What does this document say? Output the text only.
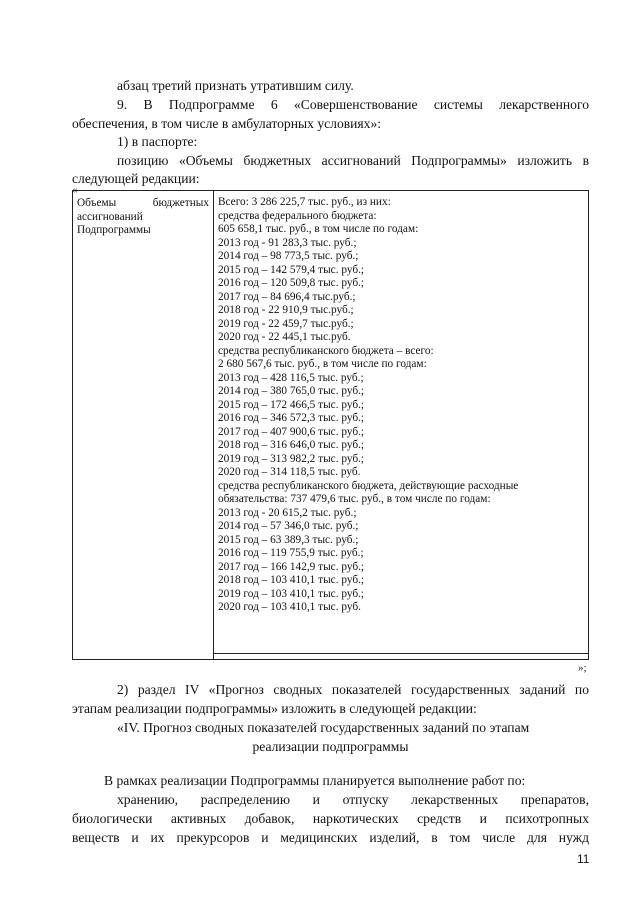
абзац третий признать утратившим силу.
9. В Подпрограмме 6 «Совершенствование системы лекарственного
обеспечения, в том числе в амбулаторных условиях»:
1) в паспорте:
позицию «Объемы бюджетных ассигнований Подпрограммы» изложить в
следующей редакции:
«
Объемы бюджетных
ассигнований
Подпрограммы
Всего: 3 286 225,7 тыс. руб., из них:
средства федерального бюджета:
605 658,1 тыс. руб., в том числе по годам:
2013 год - 91 283,3 тыс. руб.;
2014 год – 98 773,5 тыс. руб.;
2015 год – 142 579,4 тыс. руб.;
2016 год – 120 509,8 тыс. руб.;
2017 год – 84 696,4 тыс.руб.;
2018 год - 22 910,9 тыс.руб.;
2019 год - 22 459,7 тыс.руб.;
2020 год - 22 445,1 тыс.руб.
средства республиканского бюджета – всего:
2 680 567,6 тыс. руб., в том числе по годам:
2013 год – 428 116,5 тыс. руб.;
2014 год – 380 765,0 тыс. руб.;
2015 год – 172 466,5 тыс. руб.;
2016 год – 346 572,3 тыс. руб.;
2017 год – 407 900,6 тыс. руб.;
2018 год – 316 646,0 тыс. руб.;
2019 год – 313 982,2 тыс. руб.;
2020 год – 314 118,5 тыс. руб.
средства республиканского бюджета, действующие расходные
обязательства: 737 479,6 тыс. руб., в том числе по годам:
2013 год - 20 615,2 тыс. руб.;
2014 год – 57 346,0 тыс. руб.;
2015 год – 63 389,3 тыс. руб.;
2016 год – 119 755,9 тыс. руб.;
2017 год – 166 142,9 тыс. руб.;
2018 год – 103 410,1 тыс. руб.;
2019 год – 103 410,1 тыс. руб.;
2020 год – 103 410,1 тыс. руб.
»;
2) раздел IV «Прогноз сводных показателей государственных заданий по
этапам реализации подпрограммы» изложить в следующей редакции:
«IV. Прогноз сводных показателей государственных заданий по этапам
реализации подпрограммы
В рамках реализации Подпрограммы планируется выполнение работ по:
хранению, распределению и отпуску лекарственных препаратов,
биологически активных добавок, наркотических средств и психотропных
веществ и их прекурсоров и медицинских изделий, в том числе для нужд
11
